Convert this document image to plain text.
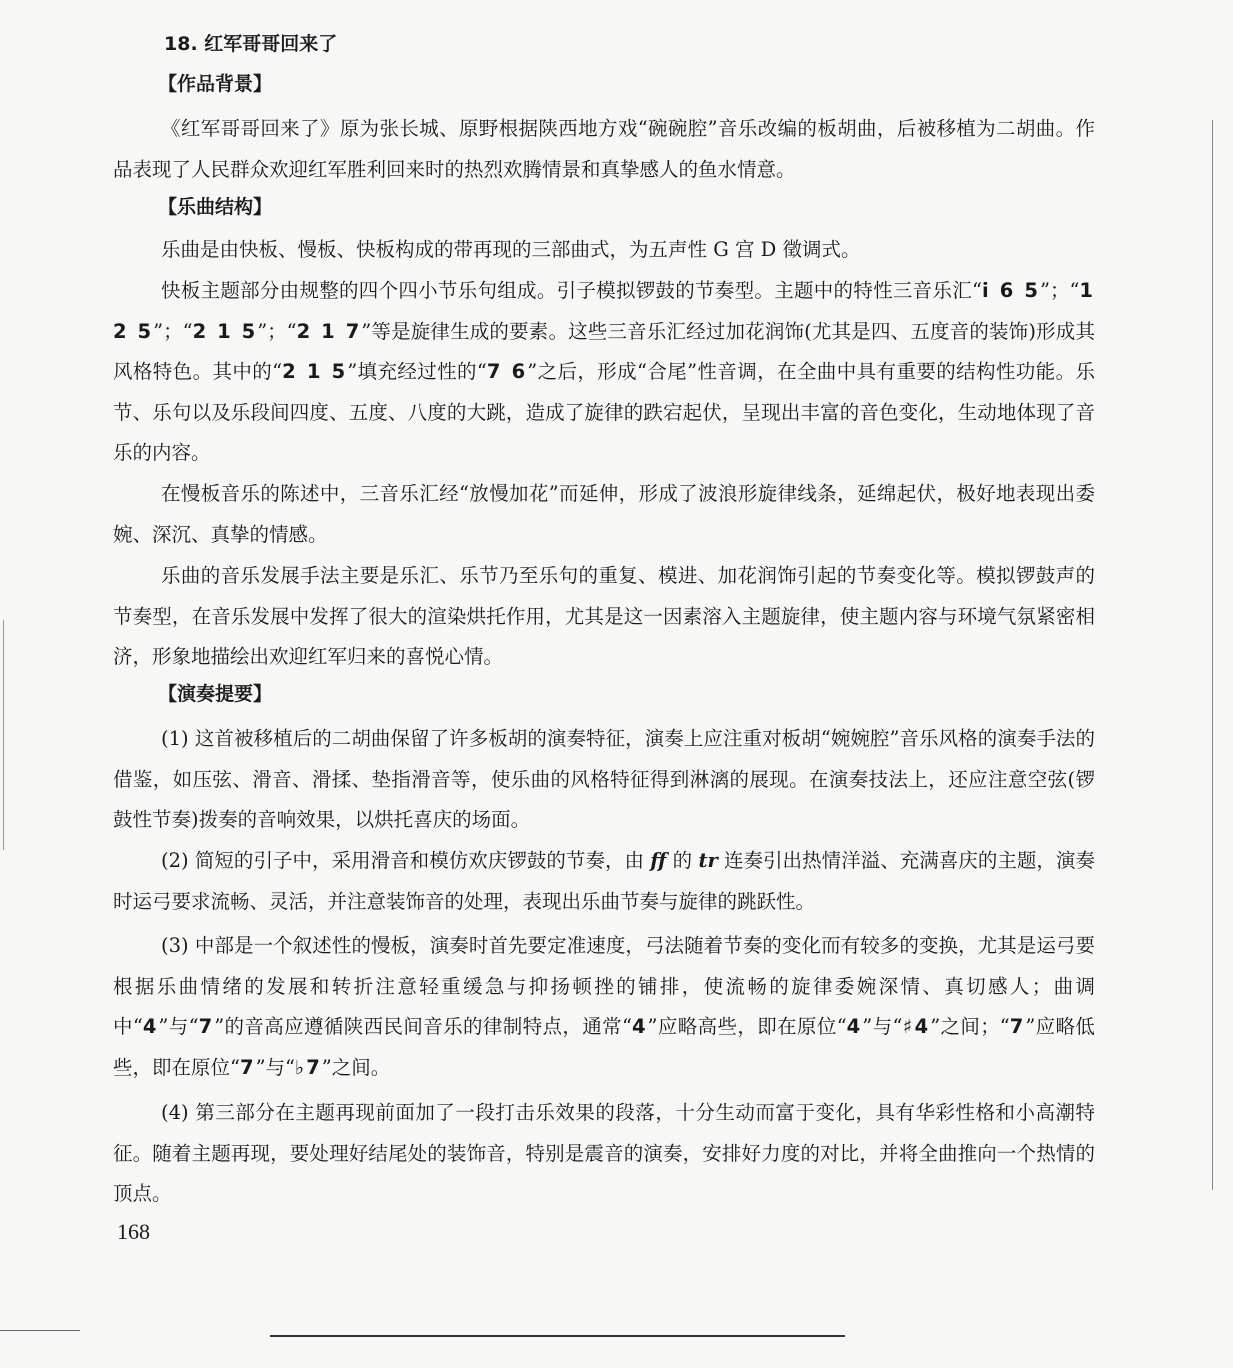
18. 红军哥哥回来了
【作品背景】

《红军哥哥回来了》原为张长城、原野根据陕西地方戏“碗碗腔”音乐改编的板胡曲，后被移植为二胡曲。作品表现了人民群众欢迎红军胜利回来时的热烈欢腾情景和真挚感人的鱼水情意。

【乐曲结构】

乐曲是由快板、慢板、快板构成的带再现的三部曲式，为五声性 G 宫 D 徵调式。

快板主题部分由规整的四个四小节乐句组成。引子模拟锣鼓的节奏型。主题中的特性三音乐汇“i 6 5”；“1 2 5”；“2 1 5”；“2 1 7”等是旋律生成的要素。这些三音乐汇经过加花润饰(尤其是四、五度音的装饰)形成其风格特色。其中的“2 1 5”填充经过性的“7 6”之后，形成“合尾”性音调，在全曲中具有重要的结构性功能。乐节、乐句以及乐段间四度、五度、八度的大跳，造成了旋律的跌宕起伏，呈现出丰富的音色变化，生动地体现了音乐的内容。

在慢板音乐的陈述中，三音乐汇经“放慢加花”而延伸，形成了波浪形旋律线条，延绵起伏，极好地表现出委婉、深沉、真挚的情感。

乐曲的音乐发展手法主要是乐汇、乐节乃至乐句的重复、模进、加花润饰引起的节奏变化等。模拟锣鼓声的节奏型，在音乐发展中发挥了很大的渲染烘托作用，尤其是这一因素溶入主题旋律，使主题内容与环境气氛紧密相济，形象地描绘出欢迎红军归来的喜悦心情。

【演奏提要】

(1) 这首被移植后的二胡曲保留了许多板胡的演奏特征，演奏上应注重对板胡“婉婉腔”音乐风格的演奏手法的借鉴，如压弦、滑音、滑揉、垫指滑音等，使乐曲的风格特征得到淋漓的展现。在演奏技法上，还应注意空弦(锣鼓性节奏)拨奏的音响效果，以烘托喜庆的场面。

(2) 简短的引子中，采用滑音和模仿欢庆锣鼓的节奏，由 ff 的 tr 连奏引出热情洋溢、充满喜庆的主题，演奏时运弓要求流畅、灵活，并注意装饰音的处理，表现出乐曲节奏与旋律的跳跃性。

(3) 中部是一个叙述性的慢板，演奏时首先要定准速度，弓法随着节奏的变化而有较多的变换，尤其是运弓要根据乐曲情绪的发展和转折注意轻重缓急与抑扬顿挫的铺排，使流畅的旋律委婉深情、真切感人；曲调中“4”与“7”的音高应遵循陕西民间音乐的律制特点，通常“4”应略高些，即在原位“4”与“♯4”之间；“7”应略低些，即在原位“7”与“♭7”之间。

(4) 第三部分在主题再现前面加了一段打击乐效果的段落，十分生动而富于变化，具有华彩性格和小高潮特征。随着主题再现，要处理好结尾处的装饰音，特别是震音的演奏，安排好力度的对比，并将全曲推向一个热情的顶点。

168
